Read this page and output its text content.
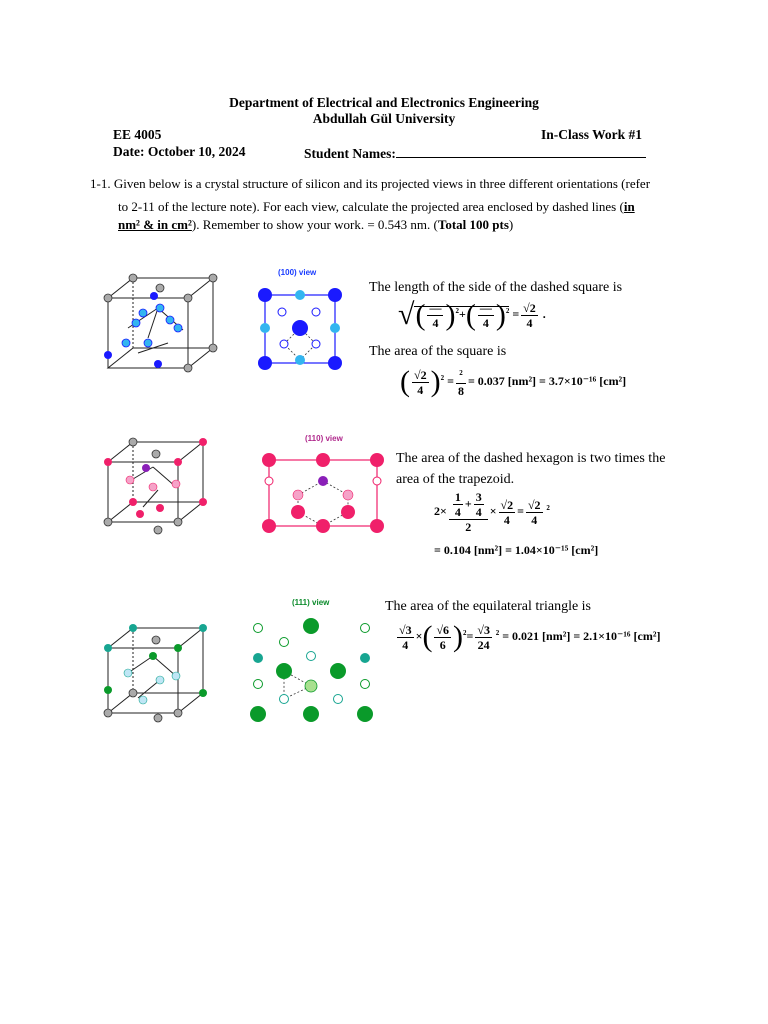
Department of Electrical and Electronics Engineering
Abdullah Gül University
EE 4005	In-Class Work #1
Date: October 10, 2024	Student Names:
1-1. Given below is a crystal structure of silicon and its projected views in three different orientations (refer
to 2-11 of the lecture note). For each view, calculate the projected area enclosed by dashed lines (in
nm² & in cm²). Remember to show your work. = 0.543 nm. (Total 100 pts)
(100) view
The length of the side of the dashed square is
√( $\frac{—}{4} )^2+( \frac{—}{4} )^2 = \frac{√2}{4}$ .
The area of the square is
( $\frac{√2}{4} )^2 = \frac{^2}{8} = 0.037$ [nm²] = 3.7×10⁻¹⁶ [cm²]
(110) view
The area of the dashed hexagon is two times the
area of the trapezoid.
$2\times \frac{\frac{1}{4} + \frac{3}{4}}{2} \times \frac{√2}{4} = \frac{√2}{4} ^2$
= 0.104 [nm²] = 1.04×10⁻¹⁵ [cm²]
(111) view	The area of the equilateral triangle is
$\frac{√3}{4}$ ×( $\frac{√6}{6} )^2= \frac{√3}{24} ^2 = 0.021$ [nm²] = 2.1×10⁻¹⁶ [cm²]
